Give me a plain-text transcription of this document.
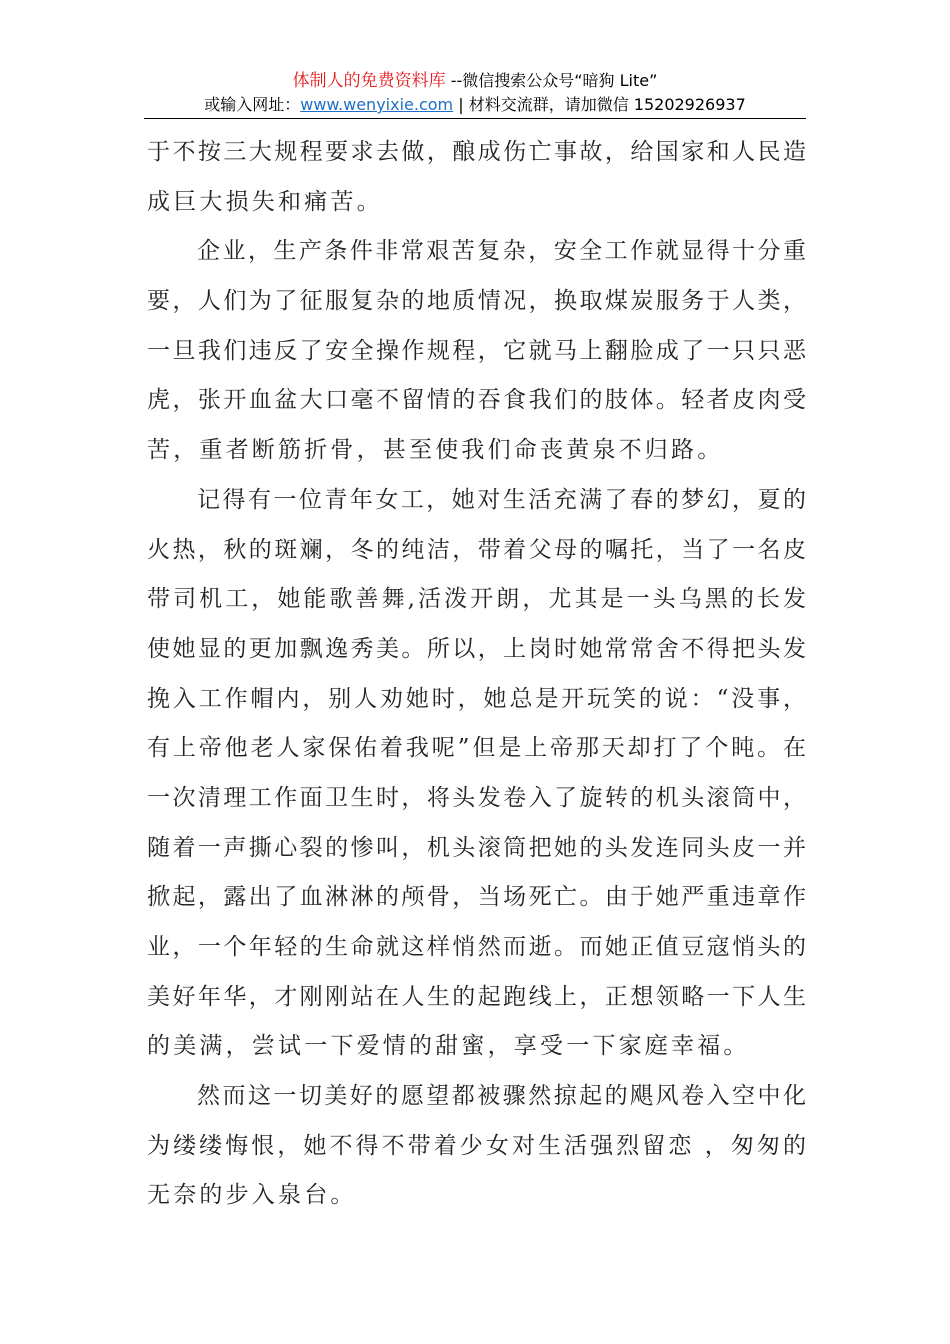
体制人的免费资料库 --微信搜索公众号“暗狗 Lite”
或输入网址：www.wenyixie.com | 材料交流群，请加微信 15202926937
于不按三大规程要求去做，酿成伤亡事故，给国家和人民造
成巨大损失和痛苦。
企业，生产条件非常艰苦复杂，安全工作就显得十分重
要，人们为了征服复杂的地质情况，换取煤炭服务于人类，
一旦我们违反了安全操作规程，它就马上翻脸成了一只只恶
虎，张开血盆大口毫不留情的吞食我们的肢体。轻者皮肉受
苦，重者断筋折骨，甚至使我们命丧黄泉不归路。
记得有一位青年女工，她对生活充满了春的梦幻，夏的
火热，秋的斑斓，冬的纯洁，带着父母的嘱托，当了一名皮
带司机工，她能歌善舞,活泼开朗，尤其是一头乌黑的长发
使她显的更加飘逸秀美。所以，上岗时她常常舍不得把头发
挽入工作帽内，别人劝她时，她总是开玩笑的说：“没事，
有上帝他老人家保佑着我呢”但是上帝那天却打了个盹。在
一次清理工作面卫生时，将头发卷入了旋转的机头滚筒中，
随着一声撕心裂的惨叫，机头滚筒把她的头发连同头皮一并
掀起，露出了血淋淋的颅骨，当场死亡。由于她严重违章作
业，一个年轻的生命就这样悄然而逝。而她正值豆寇悄头的
美好年华，才刚刚站在人生的起跑线上，正想领略一下人生
的美满，尝试一下爱情的甜蜜，享受一下家庭幸福。
然而这一切美好的愿望都被骤然掠起的飓风卷入空中化
为缕缕悔恨，她不得不带着少女对生活强烈留恋 ，匆匆的
无奈的步入泉台。
